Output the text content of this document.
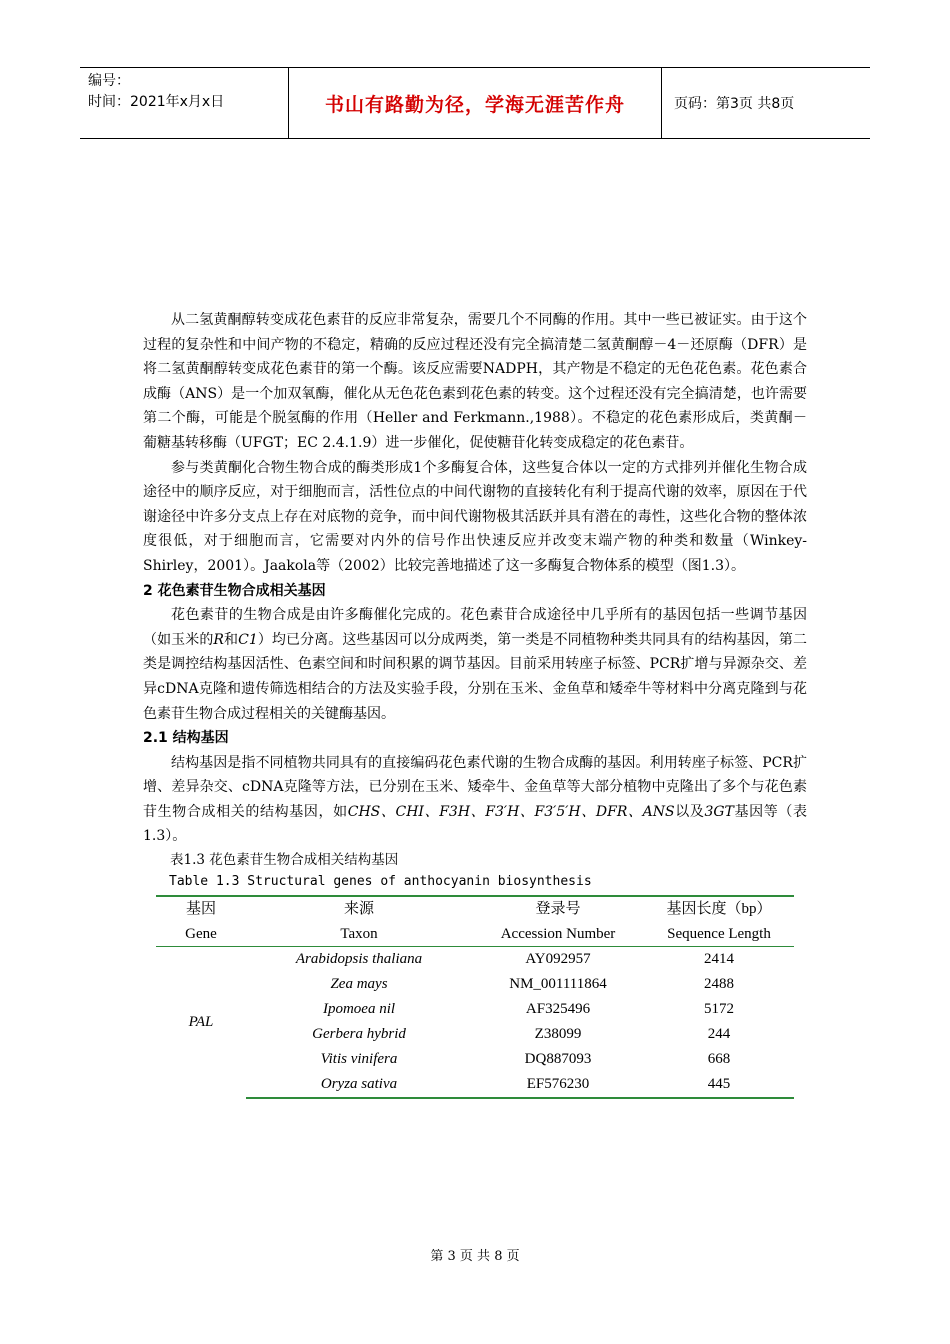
编号：
时间：2021年x月x日	书山有路勤为径，学海无涯苦作舟	页码：第3页 共8页

从二氢黄酮醇转变成花色素苷的反应非常复杂，需要几个不同酶的作用。其中一些已被证实。由于这个过程的复杂性和中间产物的不稳定，精确的反应过程还没有完全搞清楚二氢黄酮醇－4－还原酶（DFR）是将二氢黄酮醇转变成花色素苷的第一个酶。该反应需要NADPH，其产物是不稳定的无色花色素。花色素合成酶（ANS）是一个加双氧酶，催化从无色花色素到花色素的转变。这个过程还没有完全搞清楚，也许需要第二个酶，可能是个脱氢酶的作用（Heller and Ferkmann.,1988）。不稳定的花色素形成后，类黄酮－葡糖基转移酶（UFGT；EC 2.4.1.9）进一步催化，促使糖苷化转变成稳定的花色素苷。

参与类黄酮化合物生物合成的酶类形成1个多酶复合体，这些复合体以一定的方式排列并催化生物合成途径中的顺序反应，对于细胞而言，活性位点的中间代谢物的直接转化有利于提高代谢的效率，原因在于代谢途径中许多分支点上存在对底物的竞争，而中间代谢物极其活跃并具有潜在的毒性，这些化合物的整体浓度很低，对于细胞而言，它需要对内外的信号作出快速反应并改变末端产物的种类和数量（Winkey-Shirley，2001）。Jaakola等（2002）比较完善地描述了这一多酶复合物体系的模型（图1.3）。

2 花色素苷生物合成相关基因

花色素苷的生物合成是由许多酶催化完成的。花色素苷合成途径中几乎所有的基因包括一些调节基因（如玉米的R和C1）均已分离。这些基因可以分成两类，第一类是不同植物种类共同具有的结构基因，第二类是调控结构基因活性、色素空间和时间积累的调节基因。目前采用转座子标签、PCR扩增与异源杂交、差异cDNA克隆和遗传筛选相结合的方法及实验手段，分别在玉米、金鱼草和矮牵牛等材料中分离克隆到与花色素苷生物合成过程相关的关键酶基因。

2.1 结构基因

结构基因是指不同植物共同具有的直接编码花色素代谢的生物合成酶的基因。利用转座子标签、PCR扩增、差异杂交、cDNA克隆等方法，已分别在玉米、矮牵牛、金鱼草等大部分植物中克隆出了多个与花色素苷生物合成相关的结构基因，如CHS、CHI、F3H、F3′H、F3′5′H、DFR、ANS以及3GT基因等（表1.3）。

表1.3 花色素苷生物合成相关结构基因

Table 1.3 Structural genes of anthocyanin biosynthesis

基因	来源	登录号	基因长度（bp）
Gene	Taxon	Accession Number	Sequence Length
PAL	Arabidopsis thaliana	AY092957	2414
	Zea mays	NM_001111864	2488
	Ipomoea nil	AF325496	5172
	Gerbera hybrid	Z38099	244
	Vitis vinifera	DQ887093	668
	Oryza sativa	EF576230	445
第 3 页 共 8 页
